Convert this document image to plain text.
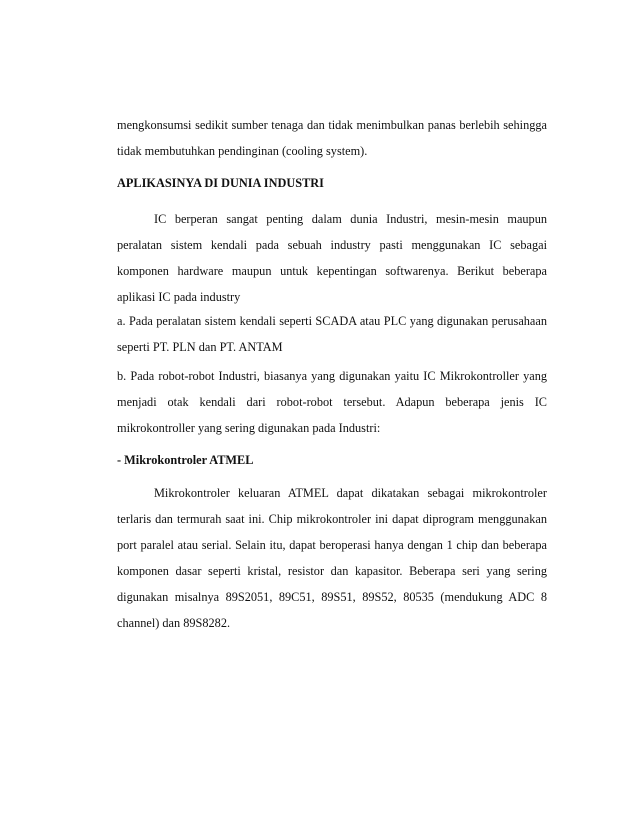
mengkonsumsi sedikit sumber tenaga dan tidak menimbulkan panas berlebih sehingga tidak membutuhkan pendinginan (cooling system).

APLIKASINYA DI DUNIA INDUSTRI

IC berperan sangat penting dalam dunia Industri, mesin-mesin maupun peralatan sistem kendali pada sebuah industry pasti menggunakan IC sebagai komponen hardware maupun untuk kepentingan softwarenya. Berikut beberapa aplikasi IC pada industry

a. Pada peralatan sistem kendali seperti SCADA atau PLC yang digunakan perusahaan seperti PT. PLN dan PT. ANTAM

b. Pada robot-robot Industri, biasanya yang digunakan yaitu IC Mikrokontroller yang menjadi otak kendali dari robot-robot tersebut. Adapun beberapa jenis IC mikrokontroller yang sering digunakan pada Industri:

- Mikrokontroler ATMEL

Mikrokontroler keluaran ATMEL dapat dikatakan sebagai mikrokontroler terlaris dan termurah saat ini. Chip mikrokontroler ini dapat diprogram menggunakan port paralel atau serial. Selain itu, dapat beroperasi hanya dengan 1 chip dan beberapa komponen dasar seperti kristal, resistor dan kapasitor. Beberapa seri yang sering digunakan misalnya 89S2051, 89C51, 89S51, 89S52, 80535 (mendukung ADC 8 channel) dan 89S8282.
